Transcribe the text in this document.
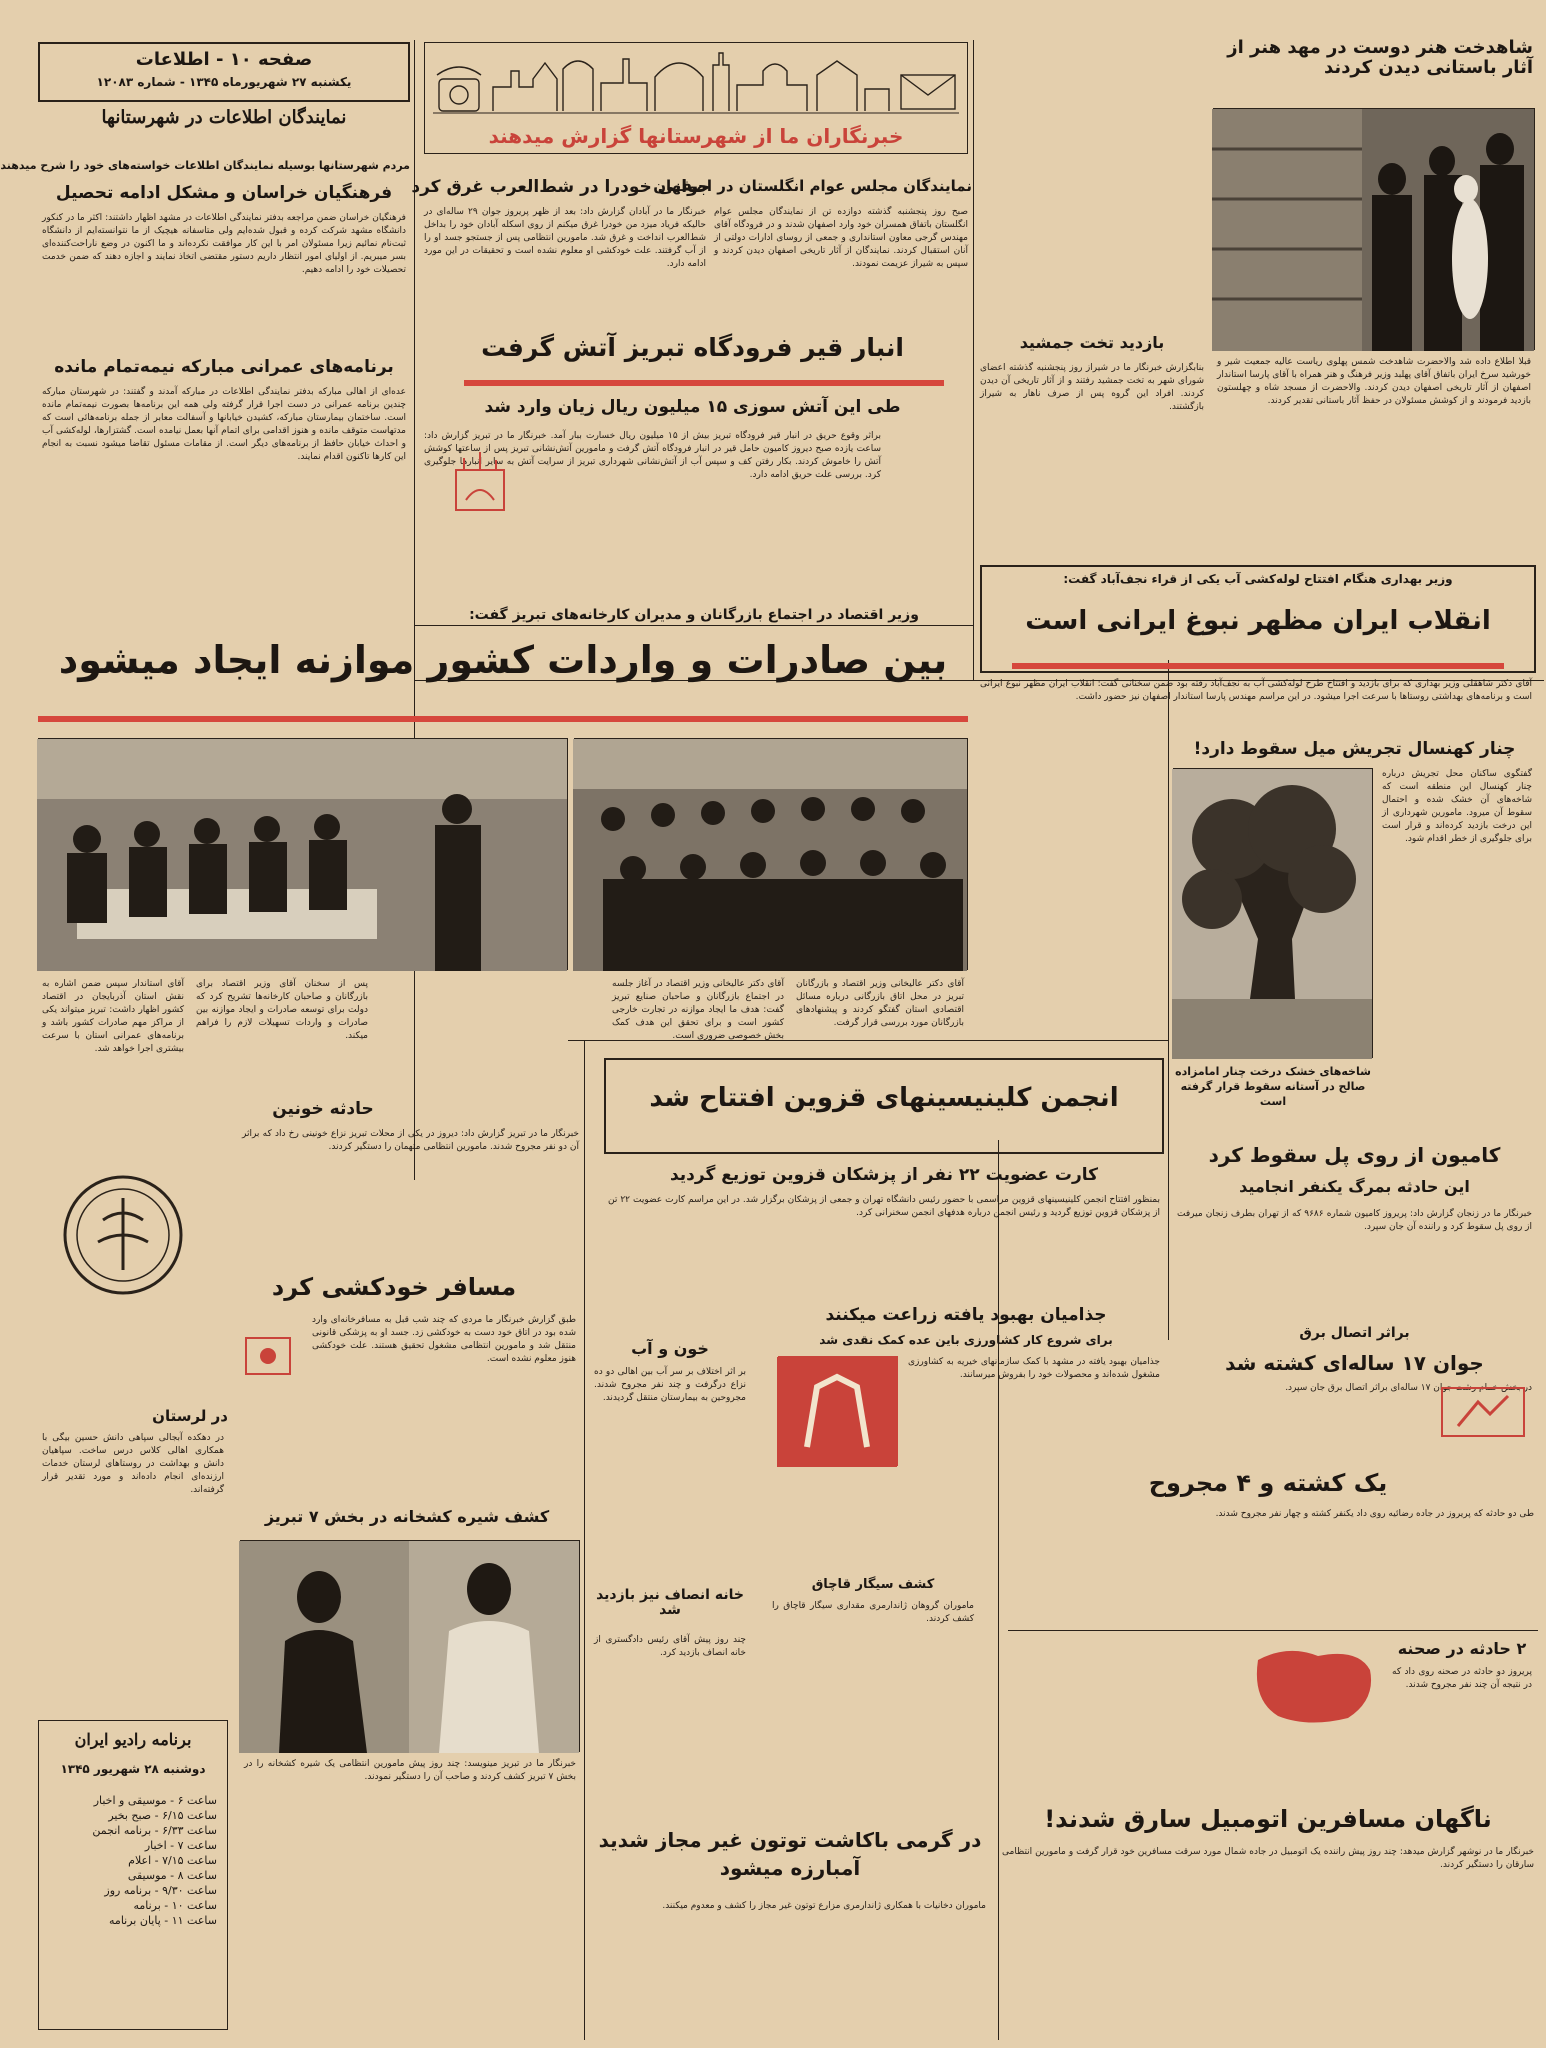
صفحه ۱۰ - اطلاعات
یکشنبه ۲۷ شهریورماه ۱۳۴۵ - شماره ۱۲۰۸۳
نمایندگان اطلاعات در شهرستانها
مردم شهرستانها بوسیله نمایندگان اطلاعات خواسته‌های خود را شرح میدهند
فرهنگیان خراسان و مشکل ادامه تحصیل
فرهنگیان خراسان ضمن مراجعه بدفتر نمایندگی اطلاعات در مشهد اظهار داشتند: اکثر ما در کنکور دانشگاه مشهد شرکت کرده و قبول شده‌ایم ولی متاسفانه هیچیک از ما نتوانسته‌ایم از دانشگاه ثبت‌نام نمائیم زیرا مسئولان امر با این کار موافقت نکرده‌اند و ما اکنون در وضع ناراحت‌کننده‌ای بسر میبریم. از اولیای امور انتظار داریم دستور مقتضی اتخاذ نمایند و اجازه دهند که ضمن خدمت تحصیلات خود را ادامه دهیم.
برنامه‌های عمرانی مبارکه نیمه‌تمام مانده
عده‌ای از اهالی مبارکه بدفتر نمایندگی اطلاعات در مبارکه آمدند و گفتند: در شهرستان مبارکه چندین برنامه عمرانی در دست اجرا قرار گرفته ولی همه این برنامه‌ها بصورت نیمه‌تمام مانده است. ساختمان بیمارستان مبارکه، کشیدن خیابانها و آسفالت معابر از جمله برنامه‌هائی است که مدتهاست متوقف مانده و هنوز اقدامی برای اتمام آنها بعمل نیامده است. گشتزارها، لوله‌کشی آب و احداث خیابان حافظ از برنامه‌های دیگر است. از مقامات مسئول تقاضا میشود نسبت به انجام این کارها تاکنون اقدام نمایند.
خبرنگاران ما از شهرستانها گزارش میدهند
جوانی خودرا در شط‌العرب غرق کرد
خبرنگار ما در آبادان گزارش داد: بعد از ظهر پریروز جوان ۲۹ ساله‌ای در حالیکه فریاد میزد من خودرا غرق میکنم از روی اسکله آبادان خود را بداخل شط‌العرب انداخت و غرق شد. مامورین انتظامی پس از جستجو جسد او را از آب گرفتند. علت خودکشی او معلوم نشده است و تحقیقات در این مورد ادامه دارد.
نمایندگان مجلس عوام انگلستان در اصفهان
صبح روز پنجشنبه گذشته دوازده تن از نمایندگان مجلس عوام انگلستان باتفاق همسران خود وارد اصفهان شدند و در فرودگاه آقای مهندس گرجی معاون استانداری و جمعی از روسای ادارات دولتی از آنان استقبال کردند. نمایندگان از آثار تاریخی اصفهان دیدن کردند و سپس به شیراز عزیمت نمودند.
انبار قیر فرودگاه تبریز آتش گرفت
طی این آتش سوزی ۱۵ میلیون ریال زیان وارد شد
براثر وقوع حریق در انبار قیر فرودگاه تبریز بیش از ۱۵ میلیون ریال خسارت ببار آمد. خبرنگار ما در تبریز گزارش داد: ساعت یازده صبح دیروز کامیون حامل قیر در انبار فرودگاه آتش گرفت و مامورین آتش‌نشانی تبریز پس از ساعتها کوشش آتش را خاموش کردند. بکار رفتن کف و سپس آب از آتش‌نشانی شهرداری تبریز از سرایت آتش به سایر انبارها جلوگیری کرد. بررسی علت حریق ادامه دارد.
شاهدخت هنر دوست در مهد هنر از آثار باستانی دیدن کردند
قبلا اطلاع داده شد والاحضرت شاهدخت شمس پهلوی ریاست عالیه جمعیت شیر و خورشید سرخ ایران باتفاق آقای پهلبد وزیر فرهنگ و هنر همراه با آقای پارسا استاندار اصفهان از آثار تاریخی اصفهان دیدن کردند. والاحضرت از مسجد شاه و چهلستون بازدید فرمودند و از کوشش مسئولان در حفظ آثار باستانی تقدیر کردند.
بازدید تخت جمشید
بنابگزارش خبرنگار ما در شیراز روز پنجشنبه گذشته اعضای شورای شهر به تخت جمشید رفتند و از آثار تاریخی آن دیدن کردند. افراد این گروه پس از صرف ناهار به شیراز بازگشتند.
وزیر بهداری هنگام افتتاح لوله‌کشی آب یکی از قراء نجف‌آباد گفت:
انقلاب ایران مظهر نبوغ ایرانی است
وزیر اقتصاد در اجتماع بازرگانان و مدیران کارخانه‌های تبریز گفت:
بین صادرات و واردات کشور موازنه ایجاد میشود
آقای استاندار سپس ضمن اشاره به نقش استان آذربایجان در اقتصاد کشور اظهار داشت: تبریز میتواند یکی از مراکز مهم صادرات کشور باشد و برنامه‌های عمرانی استان با سرعت بیشتری اجرا خواهد شد.
پس از سخنان آقای وزیر اقتصاد برای بازرگانان و صاحبان کارخانه‌ها تشریح کرد که دولت برای توسعه صادرات و ایجاد موازنه بین صادرات و واردات تسهیلات لازم را فراهم میکند.
آقای دکتر عالیخانی وزیر اقتصاد در آغاز جلسه در اجتماع بازرگانان و صاحبان صنایع تبریز گفت: هدف ما ایجاد موازنه در تجارت خارجی کشور است و برای تحقق این هدف کمک بخش خصوصی ضروری است.
آقای دکتر عالیخانی وزیر اقتصاد و بازرگانان تبریز در محل اتاق بازرگانی درباره مسائل اقتصادی استان گفتگو کردند و پیشنهادهای بازرگانان مورد بررسی قرار گرفت.
آقای دکتر شاهقلی وزیر بهداری که برای بازدید و افتتاح طرح لوله‌کشی آب به نجف‌آباد رفته بود ضمن سخنانی گفت: انقلاب ایران مظهر نبوغ ایرانی است و برنامه‌های بهداشتی روستاها با سرعت اجرا میشود. در این مراسم مهندس پارسا استاندار اصفهان نیز حضور داشت.
چنار کهنسال تجریش میل سقوط دارد!
گفتگوی ساکنان محل تجریش درباره چنار کهنسال این منطقه است که شاخه‌های آن خشک شده و احتمال سقوط آن میرود. مامورین شهرداری از این درخت بازدید کرده‌اند و قرار است برای جلوگیری از خطر اقدام شود.
شاخه‌های خشک درخت چنار امامزاده صالح در آستانه سقوط قرار گرفته است
انجمن کلینیسینهای قزوین افتتاح شد
کارت عضویت ۲۲ نفر از پزشکان قزوین توزیع گردید
بمنظور افتتاح انجمن کلینیسینهای قزوین مراسمی با حضور رئیس دانشگاه تهران و جمعی از پزشکان برگزار شد. در این مراسم کارت عضویت ۲۲ تن از پزشکان قزوین توزیع گردید و رئیس انجمن درباره هدفهای انجمن سخنرانی کرد.
حادثه خونین
خبرنگار ما در تبریز گزارش داد: دیروز در یکی از محلات تبریز نزاع خونینی رخ داد که براثر آن دو نفر مجروح شدند. مامورین انتظامی متهمان را دستگیر کردند.
مسافر خودکشی کرد
طبق گزارش خبرنگار ما مردی که چند شب قبل به مسافرخانه‌ای وارد شده بود در اتاق خود دست به خودکشی زد. جسد او به پزشکی قانونی منتقل شد و مامورین انتظامی مشغول تحقیق هستند. علت خودکشی هنوز معلوم نشده است.
در لرستان
در دهکده آبجالی سپاهی دانش حسین بیگی با همکاری اهالی کلاس درس ساخت. سپاهیان دانش و بهداشت در روستاهای لرستان خدمات ارزنده‌ای انجام داده‌اند و مورد تقدیر قرار گرفته‌اند.
برنامه رادیو ایران
دوشنبه ۲۸ شهریور ۱۳۴۵
ساعت ۶ - موسیقی و اخبار
ساعت ۶/۱۵ - صبح بخیر
ساعت ۶/۳۳ - برنامه انجمن
ساعت ۷ - اخبار
ساعت ۷/۱۵ - اعلام
ساعت ۸ - موسیقی
ساعت ۹/۳۰ - برنامه روز
ساعت ۱۰ - برنامه
ساعت ۱۱ - پایان برنامه
کشف شیره کشخانه در بخش ۷ تبریز
خبرنگار ما در تبریز مینویسد: چند روز پیش مامورین انتظامی یک شیره کشخانه را در بخش ۷ تبریز کشف کردند و صاحب آن را دستگیر نمودند.
خون و آب
بر اثر اختلاف بر سر آب بین اهالی دو ده نزاع درگرفت و چند نفر مجروح شدند. مجروحین به بیمارستان منتقل گردیدند.
جذامیان بهبود یافته زراعت میکنند
برای شروع کار کشاورزی باین عده کمک نقدی شد
جذامیان بهبود یافته در مشهد با کمک سازمانهای خیریه به کشاورزی مشغول شده‌اند و محصولات خود را بفروش میرسانند.
خانه انصاف نیز بازدید شد
چند روز پیش آقای رئیس دادگستری از خانه انصاف بازدید کرد.
کشف سیگار قاچاق
ماموران گروهان ژاندارمری مقداری سیگار قاچاق را کشف کردند.
در گرمی باکاشت توتون غیر مجاز شدید آمبارزه میشود
ماموران دخانیات با همکاری ژاندارمری مزارع توتون غیر مجاز را کشف و معدوم میکنند.
یک کشته و ۴ مجروح
طی دو حادثه که پریروز در جاده رضائیه روی داد یکنفر کشته و چهار نفر مجروح شدند.
کامیون از روی پل سقوط کرد
این حادثه بمرگ یکنفر انجامید
خبرنگار ما در زنجان گزارش داد: پریروز کامیون شماره ۹۶۸۶ که از تهران بطرف زنجان میرفت از روی پل سقوط کرد و راننده آن جان سپرد.
براثر اتصال برق
جوان ۱۷ ساله‌ای کشته شد
در بخش خمام رشت جوان ۱۷ ساله‌ای براثر اتصال برق جان سپرد.
۲ حادثه در صحنه
پریروز دو حادثه در صحنه روی داد که در نتیجه آن چند نفر مجروح شدند.
ناگهان مسافرین اتومبیل سارق شدند!
خبرنگار ما در نوشهر گزارش میدهد: چند روز پیش راننده یک اتومبیل در جاده شمال مورد سرقت مسافرین خود قرار گرفت و مامورین انتظامی سارقان را دستگیر کردند.
